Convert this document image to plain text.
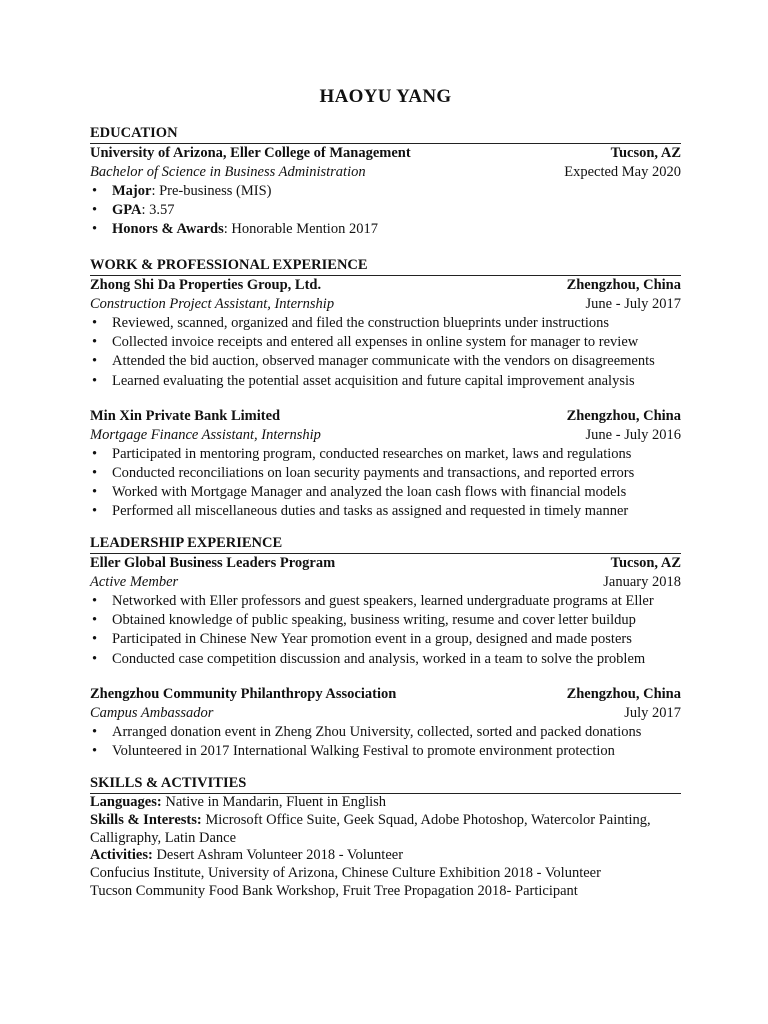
HAOYU YANG
EDUCATION
University of Arizona, Eller College of Management	Tucson, AZ
Bachelor of Science in Business Administration	Expected May 2020
• Major: Pre-business (MIS)
• GPA: 3.57
• Honors & Awards: Honorable Mention 2017
WORK & PROFESSIONAL EXPERIENCE
Zhong Shi Da Properties Group, Ltd.	Zhengzhou, China
Construction Project Assistant, Internship	June - July 2017
• Reviewed, scanned, organized and filed the construction blueprints under instructions
• Collected invoice receipts and entered all expenses in online system for manager to review
• Attended the bid auction, observed manager communicate with the vendors on disagreements
• Learned evaluating the potential asset acquisition and future capital improvement analysis
Min Xin Private Bank Limited	Zhengzhou, China
Mortgage Finance Assistant, Internship	June - July 2016
• Participated in mentoring program, conducted researches on market, laws and regulations
• Conducted reconciliations on loan security payments and transactions, and reported errors
• Worked with Mortgage Manager and analyzed the loan cash flows with financial models
• Performed all miscellaneous duties and tasks as assigned and requested in timely manner
LEADERSHIP EXPERIENCE
Eller Global Business Leaders Program	Tucson, AZ
Active Member	January 2018
• Networked with Eller professors and guest speakers, learned undergraduate programs at Eller
• Obtained knowledge of public speaking, business writing, resume and cover letter buildup
• Participated in Chinese New Year promotion event in a group, designed and made posters
• Conducted case competition discussion and analysis, worked in a team to solve the problem
Zhengzhou Community Philanthropy Association	Zhengzhou, China
Campus Ambassador	July 2017
• Arranged donation event in Zheng Zhou University, collected, sorted and packed donations
• Volunteered in 2017 International Walking Festival to promote environment protection
SKILLS & ACTIVITIES
Languages: Native in Mandarin, Fluent in English
Skills & Interests: Microsoft Office Suite, Geek Squad, Adobe Photoshop, Watercolor Painting, Calligraphy, Latin Dance
Activities: Desert Ashram Volunteer 2018 - Volunteer
Confucius Institute, University of Arizona, Chinese Culture Exhibition 2018 - Volunteer
Tucson Community Food Bank Workshop, Fruit Tree Propagation 2018- Participant
